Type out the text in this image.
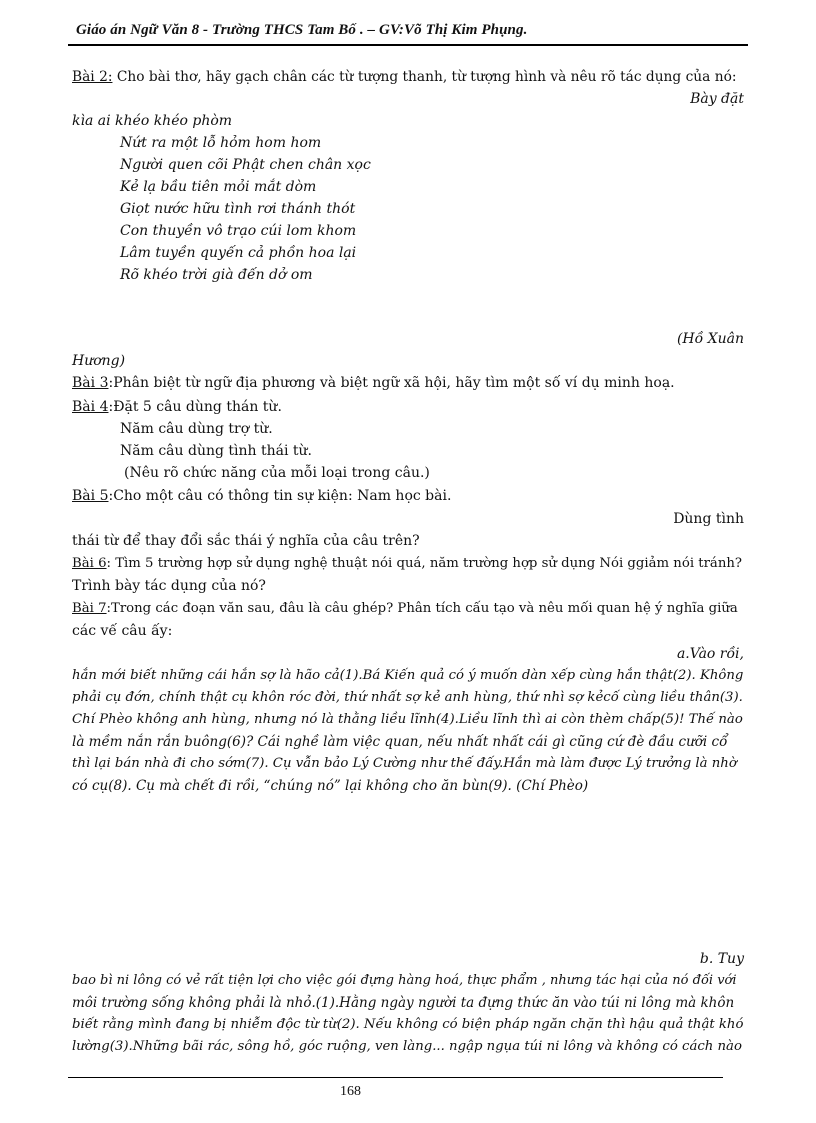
Giáo án Ngữ Văn 8 - Trường THCS Tam Bố . – GV:Võ Thị Kim Phụng.
Bài 2: Cho bài thơ, hãy gạch chân các từ tượng thanh, từ tượng hình và nêu rõ tác dụng của nó:
Bày đặt
kìa ai khéo khéo phòm
Nứt ra một lỗ hỏm hom hom
Người quen cõi Phật chen chân xọc
Kẻ lạ bầu tiên mỏi mắt dòm
Giọt nước hữu tình rơi thánh thót
Con thuyền vô trạo cúi lom khom
Lâm tuyền quyến cả phồn hoa lại
Rõ khéo trời già đến dở om
(Hồ Xuân
Hương)
Bài 3:Phân biệt từ ngữ địa phương và biệt ngữ xã hội, hãy tìm một số ví dụ minh hoạ.
Bài 4:Đặt 5 câu dùng thán từ.
Năm câu dùng trợ từ.
Năm câu dùng tình thái từ.
(Nêu rõ chức năng của mỗi loại trong câu.)
Bài 5:Cho một câu có thông tin sự kiện: Nam học bài.
Dùng tình
thái từ để thay đổi sắc thái ý nghĩa của câu trên?
Bài 6: Tìm 5 trường hợp sử dụng nghệ thuật nói quá, năm trường hợp sử dụng Nói ggiảm nói tránh?
Trình bày tác dụng của nó?
Bài 7:Trong các đoạn văn sau, đâu là câu ghép? Phân tích cấu tạo và nêu mối quan hệ ý nghĩa giữa
các vế câu ấy:
a.Vào rồi,
hắn mới biết những cái hắn sợ là hão cả(1).Bá Kiến quả có ý muốn dàn xếp cùng hắn thật(2). Không
phải cụ đớn, chính thật cụ khôn róc đời, thứ nhất sợ kẻ anh hùng, thứ nhì sợ kẻcố cùng liều thân(3).
Chí Phèo không anh hùng, nhưng nó là thằng liều lĩnh(4).Liều lĩnh thì ai còn thèm chấp(5)! Thế nào
là mềm nắn rắn buông(6)? Cái nghề làm việc quan, nếu nhất nhất cái gì cũng cứ đè đầu cưỡi cổ
thì lại bán nhà đi cho sớm(7). Cụ vẫn bảo Lý Cường như thế đấy.Hắn mà làm được Lý trưởng là nhờ
có cụ(8). Cụ mà chết đi rồi, “chúng nó” lại không cho ăn bùn(9). (Chí Phèo)
b. Tuy
bao bì ni lông có vẻ rất tiện lợi cho việc gói đựng hàng hoá, thực phẩm , nhưng tác hại của nó đối với
môi trường sống không phải là nhỏ.(1).Hằng ngày người ta đựng thức ăn vào túi ni lông mà khôn
biết rằng mình đang bị nhiễm độc từ từ(2). Nếu không có biện pháp ngăn chặn thì hậu quả thật khó
lường(3).Những bãi rác, sông hồ, góc ruộng, ven làng... ngập ngụa túi ni lông và không có cách nào
168
